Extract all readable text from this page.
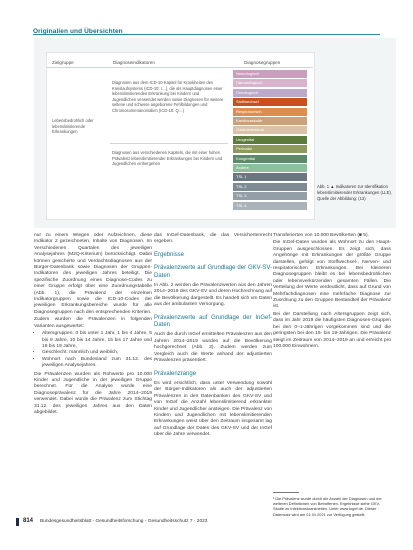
Originalien und Übersichten
Zielgruppe	Diagnoseindikatoren	Diagnosegruppen
Lebensbedrohlich oder lebenslimitierende Erkrankungen
Diagnosen aus dem ICD-10-Kapitel für Krankheiten des Kreislaufsystems (ICD-10: I…), die als Hauptdiagnosen einer lebenslimitierenden Erkrankung bei Kindern und Jugendlichen verwendet werden sowie Diagnosen für weitere seltene und schwere angeborene Fehlbildungen und Chromosomenanomalien (ICD-10: Q…)
Diagnosen aus verschiedenen Kapiteln, die mit einer hohen Prävalenz lebenslimitierender Erkrankungen bei Kindern und Jugendlichen einhergehen
Neurologisch
Hämatologisch
Onkologisch
Stoffwechsel
Respiratorisch
Kardiovaskulär
Gastrointestinal
Urogenital
Perinatal
Kongenital
Andere
TSL 1
TSL 2
TSL 3
TSL 4
Abb. 1 ▲ Indikatoren zur Identifikation lebenslimitierender Erkrankungen (LLE). Quelle der Abbildung: (13)

nur zu einem Wiegen oder Aufzeichnen, diese Indikator 2 gezeichneten, Inhalte von Diagnosen. Im Verschiedenen Quartalen des jeweiligen Analysejahres (M2Q-Kriterium) berücksichtigt. Dabei können gesicherte und Verdachtsdiagnosen aus der Bürger-Datenbank sowie Diagnosen der Gruppen-Indikatoren des jeweiligen Jahres beteiligt. Die spezifische Zuordnung eines Diagnose-Codes zu einer Gruppe erfolgt über eine Zuordnungstabelle (Abb. 1), die Prävalenz der einzelnen Indikatorgruppen sowie die ICD-10-Codes der jeweiligen Erkrankungsbereiche wurde für alle Diagnosegruppen nach den entsprechenden Kriterien.

Zudem wurden die Prävalenzen in folgenden Varianten ausgewertet:

• Altersgruppen: 0 bis unter 1 Jahr, 1 bis 4 Jahre, 5 bis 9 Jahre, 10 bis 14 Jahre, 15 bis 17 Jahre und 18 bis 19 Jahre,
• Geschlecht: männlich und weiblich,
• Wohnort nach Bundesland zum 31.12. des jeweiligen Analysejahres.

Die Prävalenzen wurden als Rohwerte pro 10.000 Kinder und Jugendliche in der jeweiligen Gruppe berechnet. Für die Analyse wurde eine Diagnoseprävalenz für die Jahre 2014–2019 verwendet. Dabei wurde die Prävalenz zum Stichtag 31.12. des jeweiligen Jahres aus den Daten abgebildet.

das InGef-Datenbank, die das Versichertenrecht ergeben.

Ergebnisse
Prävalenzwerte auf Grundlage der GKV-SV-Daten

In Abb. 2 werden die Prävalenzwerten aus den Jahren 2014–2019 des GKV-SV und deren Hochrechnung auf die Bevölkerung dargestellt. Es handelt sich um Daten aus der ambulanten Versorgung.

Prävalenzwerte auf Grundlage der InGef-Daten

Auch die durch InGef ermittelten Prävalenzen aus den Jahren 2014–2019 wurden auf die Bevölkerung hochgerechnet (Abb. 3). Zudem werden zum Vergleich auch die Werte anhand der adjustierten Prävalenzen präsentiert.

Prävalenzrange

Es wird ersichtlich, dass unter Verwendung sowohl der Bürger-Indikatoren als auch der adjustierten Prävalenzen in den Datenbanken des GKV-SV und von InGef die Anzahl lebenslimitierend erkrankter Kinder und Jugendlicher ansteigen. Die Prävalenz von Kindern und Jugendlichen mit lebenslimitierenden Erkrankungen weist über den Zeitraum insgesamt lag auf Grundlage der Daten des GKV-SV und der InGef über die Jahre verwendet.

Transferierten von 10.000 Bevölkerten (■ 5).

Die InGef-Daten wurden als Wohnort zu den Haupt-Gruppen ausgeschlossen. Es zeigt sich, dass Angehörige mit Erkrankungen der größte Gruppe darstellen, gefolgt von Stoffwechsel-, Nerven- und respiratorischen Erkrankungen. Bei kleineren Diagnosegruppen bleibt es bei lebensbedrohlichen oder lebensverkürzenden gesamten Fällen. Die Verteilung der Werte verdeutlicht, dass auf Grund von Mehrfachdiagnosen eine mehrfache Diagnose zur Zuordnung zu den Gruppen Bestandteil der Prävalenz ist.

Bei der Darstellung nach Altersgruppen zeigt sich, dass im Jahr 2019 die häufigsten Diagnosen-Gruppen bei den 0–1-Jährigen vorgekommen sind und die geringsten bei den 15- bis 19-Jährigen. Die Prävalenz steigt im Zeitraum von 2014–2019 an und erreicht pro 100.000 Einwohnern.

¹ Die Prävalenz wurde durch die Anzahl der Diagnosen und der weiteren Definitionen von Betroffenen. Ergebnisse siehe GKV-Studie zu Infektionskrankheiten. Unter www.ingef.de. Dieser Datensatz wird am 01.01.2021 zur Verfügung gestellt.
814 Bundesgesundheitsblatt - Gesundheitsforschung - Gesundheitsschutz 7 · 2023
